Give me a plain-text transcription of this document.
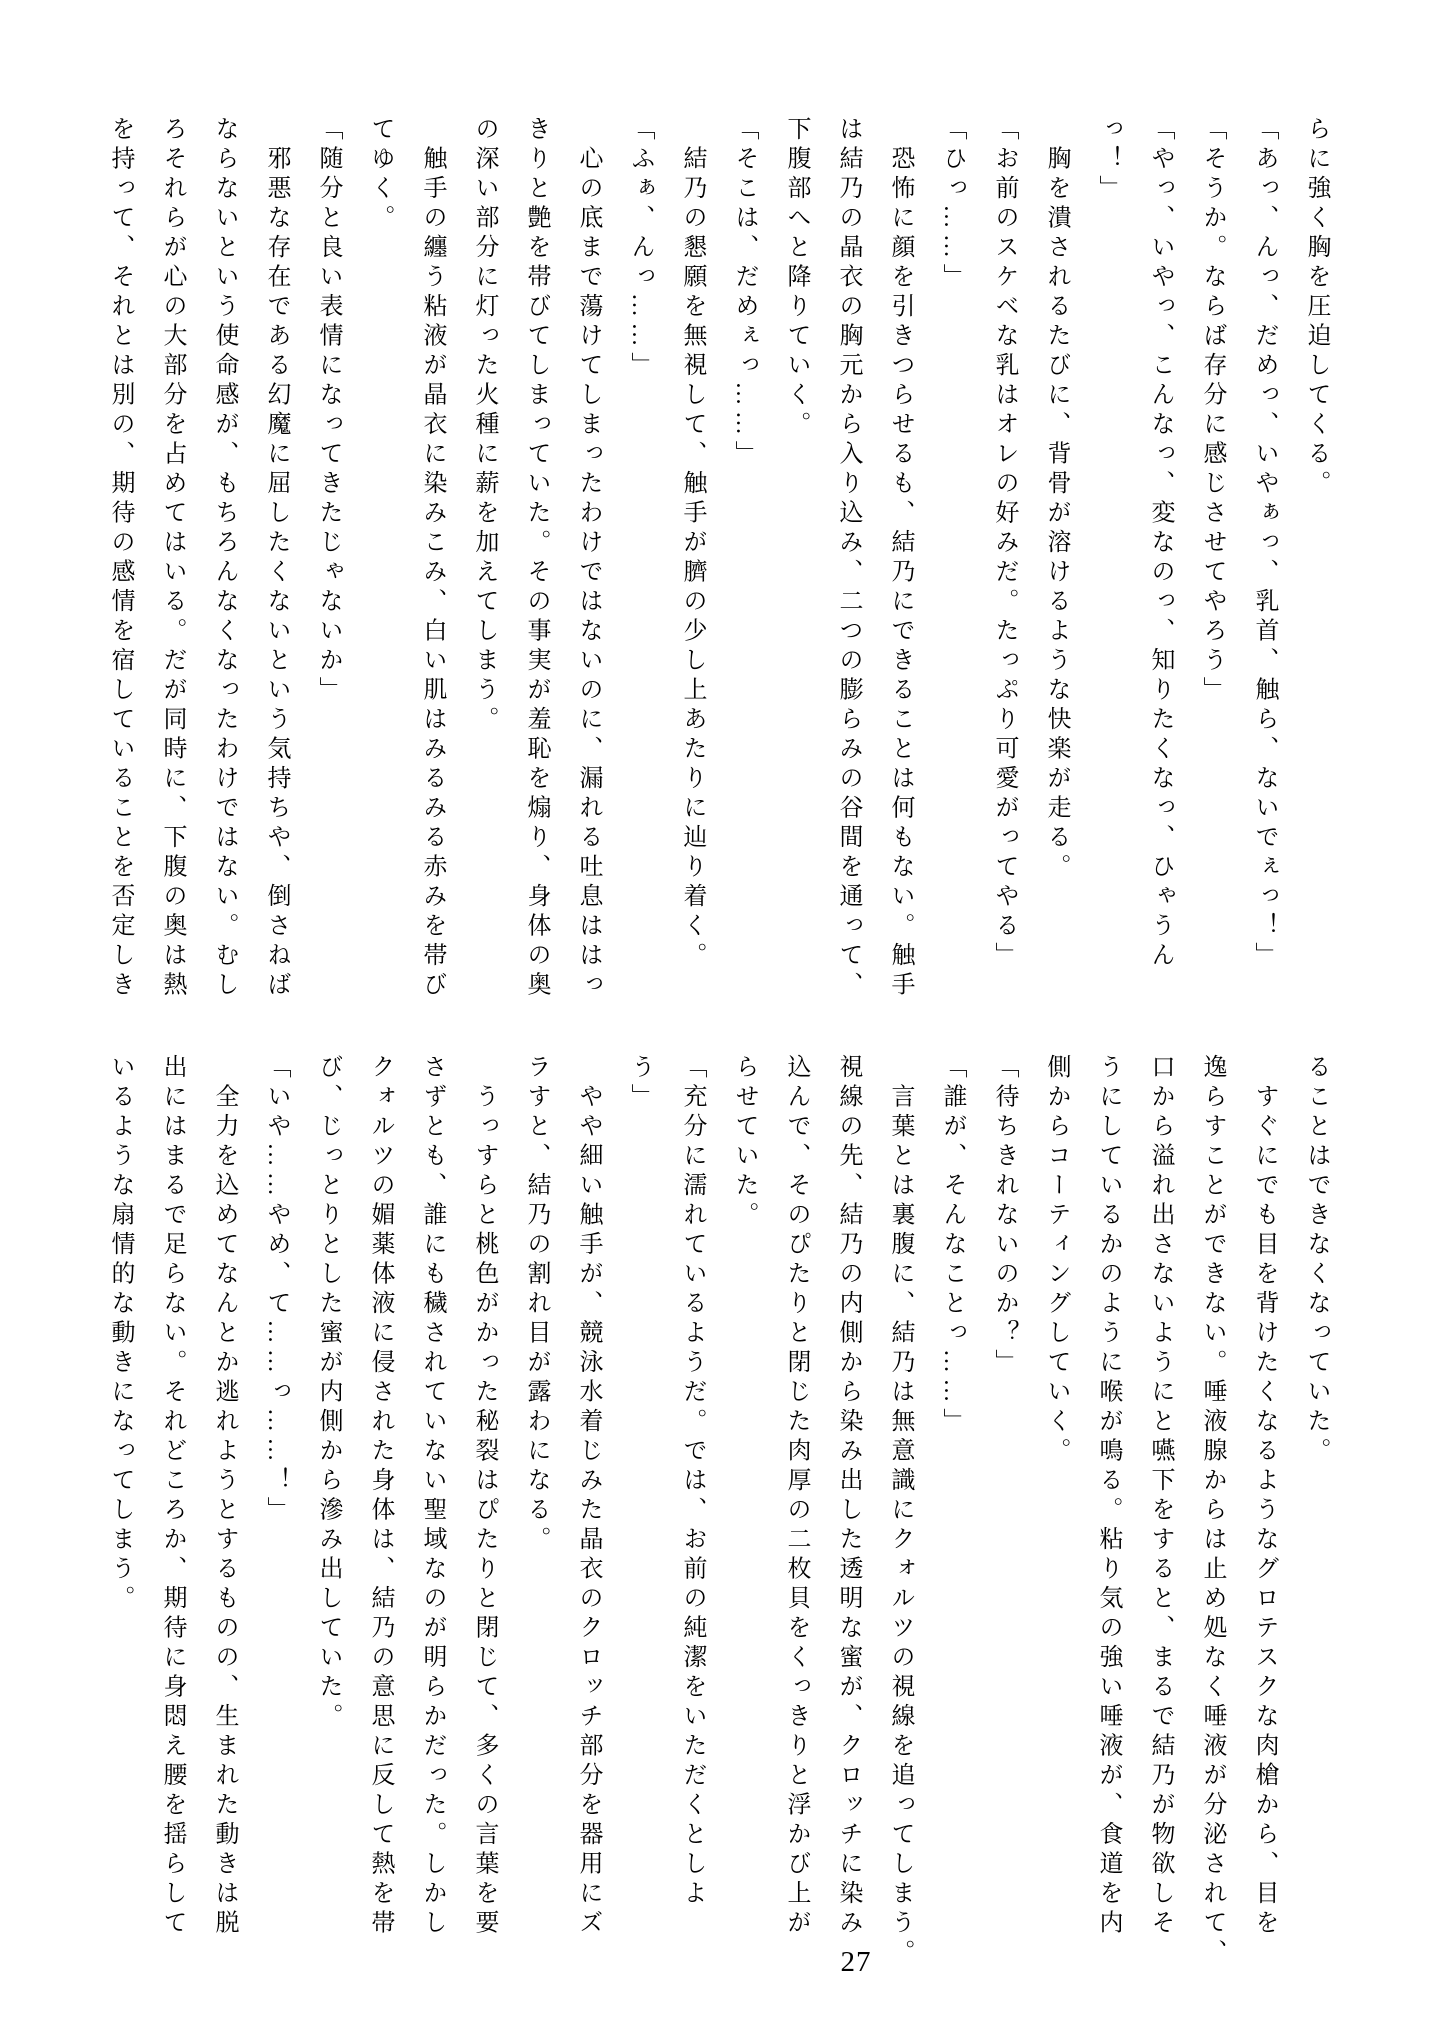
らに強く胸を圧迫してくる。

「あっ、んっ、だめっ、いやぁっ、乳首、触ら、ないでぇっ！」

「そうか。ならば存分に感じさせてやろう」

「やっ、いやっ、こんなっ、変なのっ、知りたくなっ、ひゃうん

っ！」

　胸を潰されるたびに、背骨が溶けるような快楽が走る。

「お前のスケベな乳はオレの好みだ。たっぷり可愛がってやる」

「ひっ……」

　恐怖に顔を引きつらせるも、結乃にできることは何もない。触手

は結乃の晶衣の胸元から入り込み、二つの膨らみの谷間を通って、

下腹部へと降りていく。

「そこは、だめぇっ……」

　結乃の懇願を無視して、触手が臍の少し上あたりに辿り着く。

「ふぁ、んっ……」

　心の底まで蕩けてしまったわけではないのに、漏れる吐息ははっ

きりと艶を帯びてしまっていた。その事実が羞恥を煽り、身体の奥

の深い部分に灯った火種に薪を加えてしまう。

　触手の纏う粘液が晶衣に染みこみ、白い肌はみるみる赤みを帯び

てゆく。

「随分と良い表情になってきたじゃないか」

　邪悪な存在である幻魔に屈したくないという気持ちや、倒さねば

ならないという使命感が、もちろんなくなったわけではない。むし

ろそれらが心の大部分を占めてはいる。だが同時に、下腹の奥は熱

を持って、それとは別の、期待の感情を宿していることを否定しき

ることはできなくなっていた。

　すぐにでも目を背けたくなるようなグロテスクな肉槍から、目を

逸らすことができない。唾液腺からは止め処なく唾液が分泌されて、

口から溢れ出さないようにと嚥下をすると、まるで結乃が物欲しそ

うにしているかのように喉が鳴る。粘り気の強い唾液が、食道を内

側からコーティングしていく。

「待ちきれないのか？」

「誰が、そんなことっ……」

　言葉とは裏腹に、結乃は無意識にクォルツの視線を追ってしまう。

視線の先、結乃の内側から染み出した透明な蜜が、クロッチに染み

込んで、そのぴたりと閉じた肉厚の二枚貝をくっきりと浮かび上が

らせていた。

「充分に濡れているようだ。では、お前の純潔をいただくとしよ

う」

　やや細い触手が、競泳水着じみた晶衣のクロッチ部分を器用にズ

ラすと、結乃の割れ目が露わになる。

　うっすらと桃色がかった秘裂はぴたりと閉じて、多くの言葉を要

さずとも、誰にも穢されていない聖域なのが明らかだった。しかし

クォルツの媚薬体液に侵された身体は、結乃の意思に反して熱を帯

び、じっとりとした蜜が内側から滲み出していた。

「いや……やめ、て……っ……！」

　全力を込めてなんとか逃れようとするものの、生まれた動きは脱

出にはまるで足らない。それどころか、期待に身悶え腰を揺らして

いるような扇情的な動きになってしまう。

27
